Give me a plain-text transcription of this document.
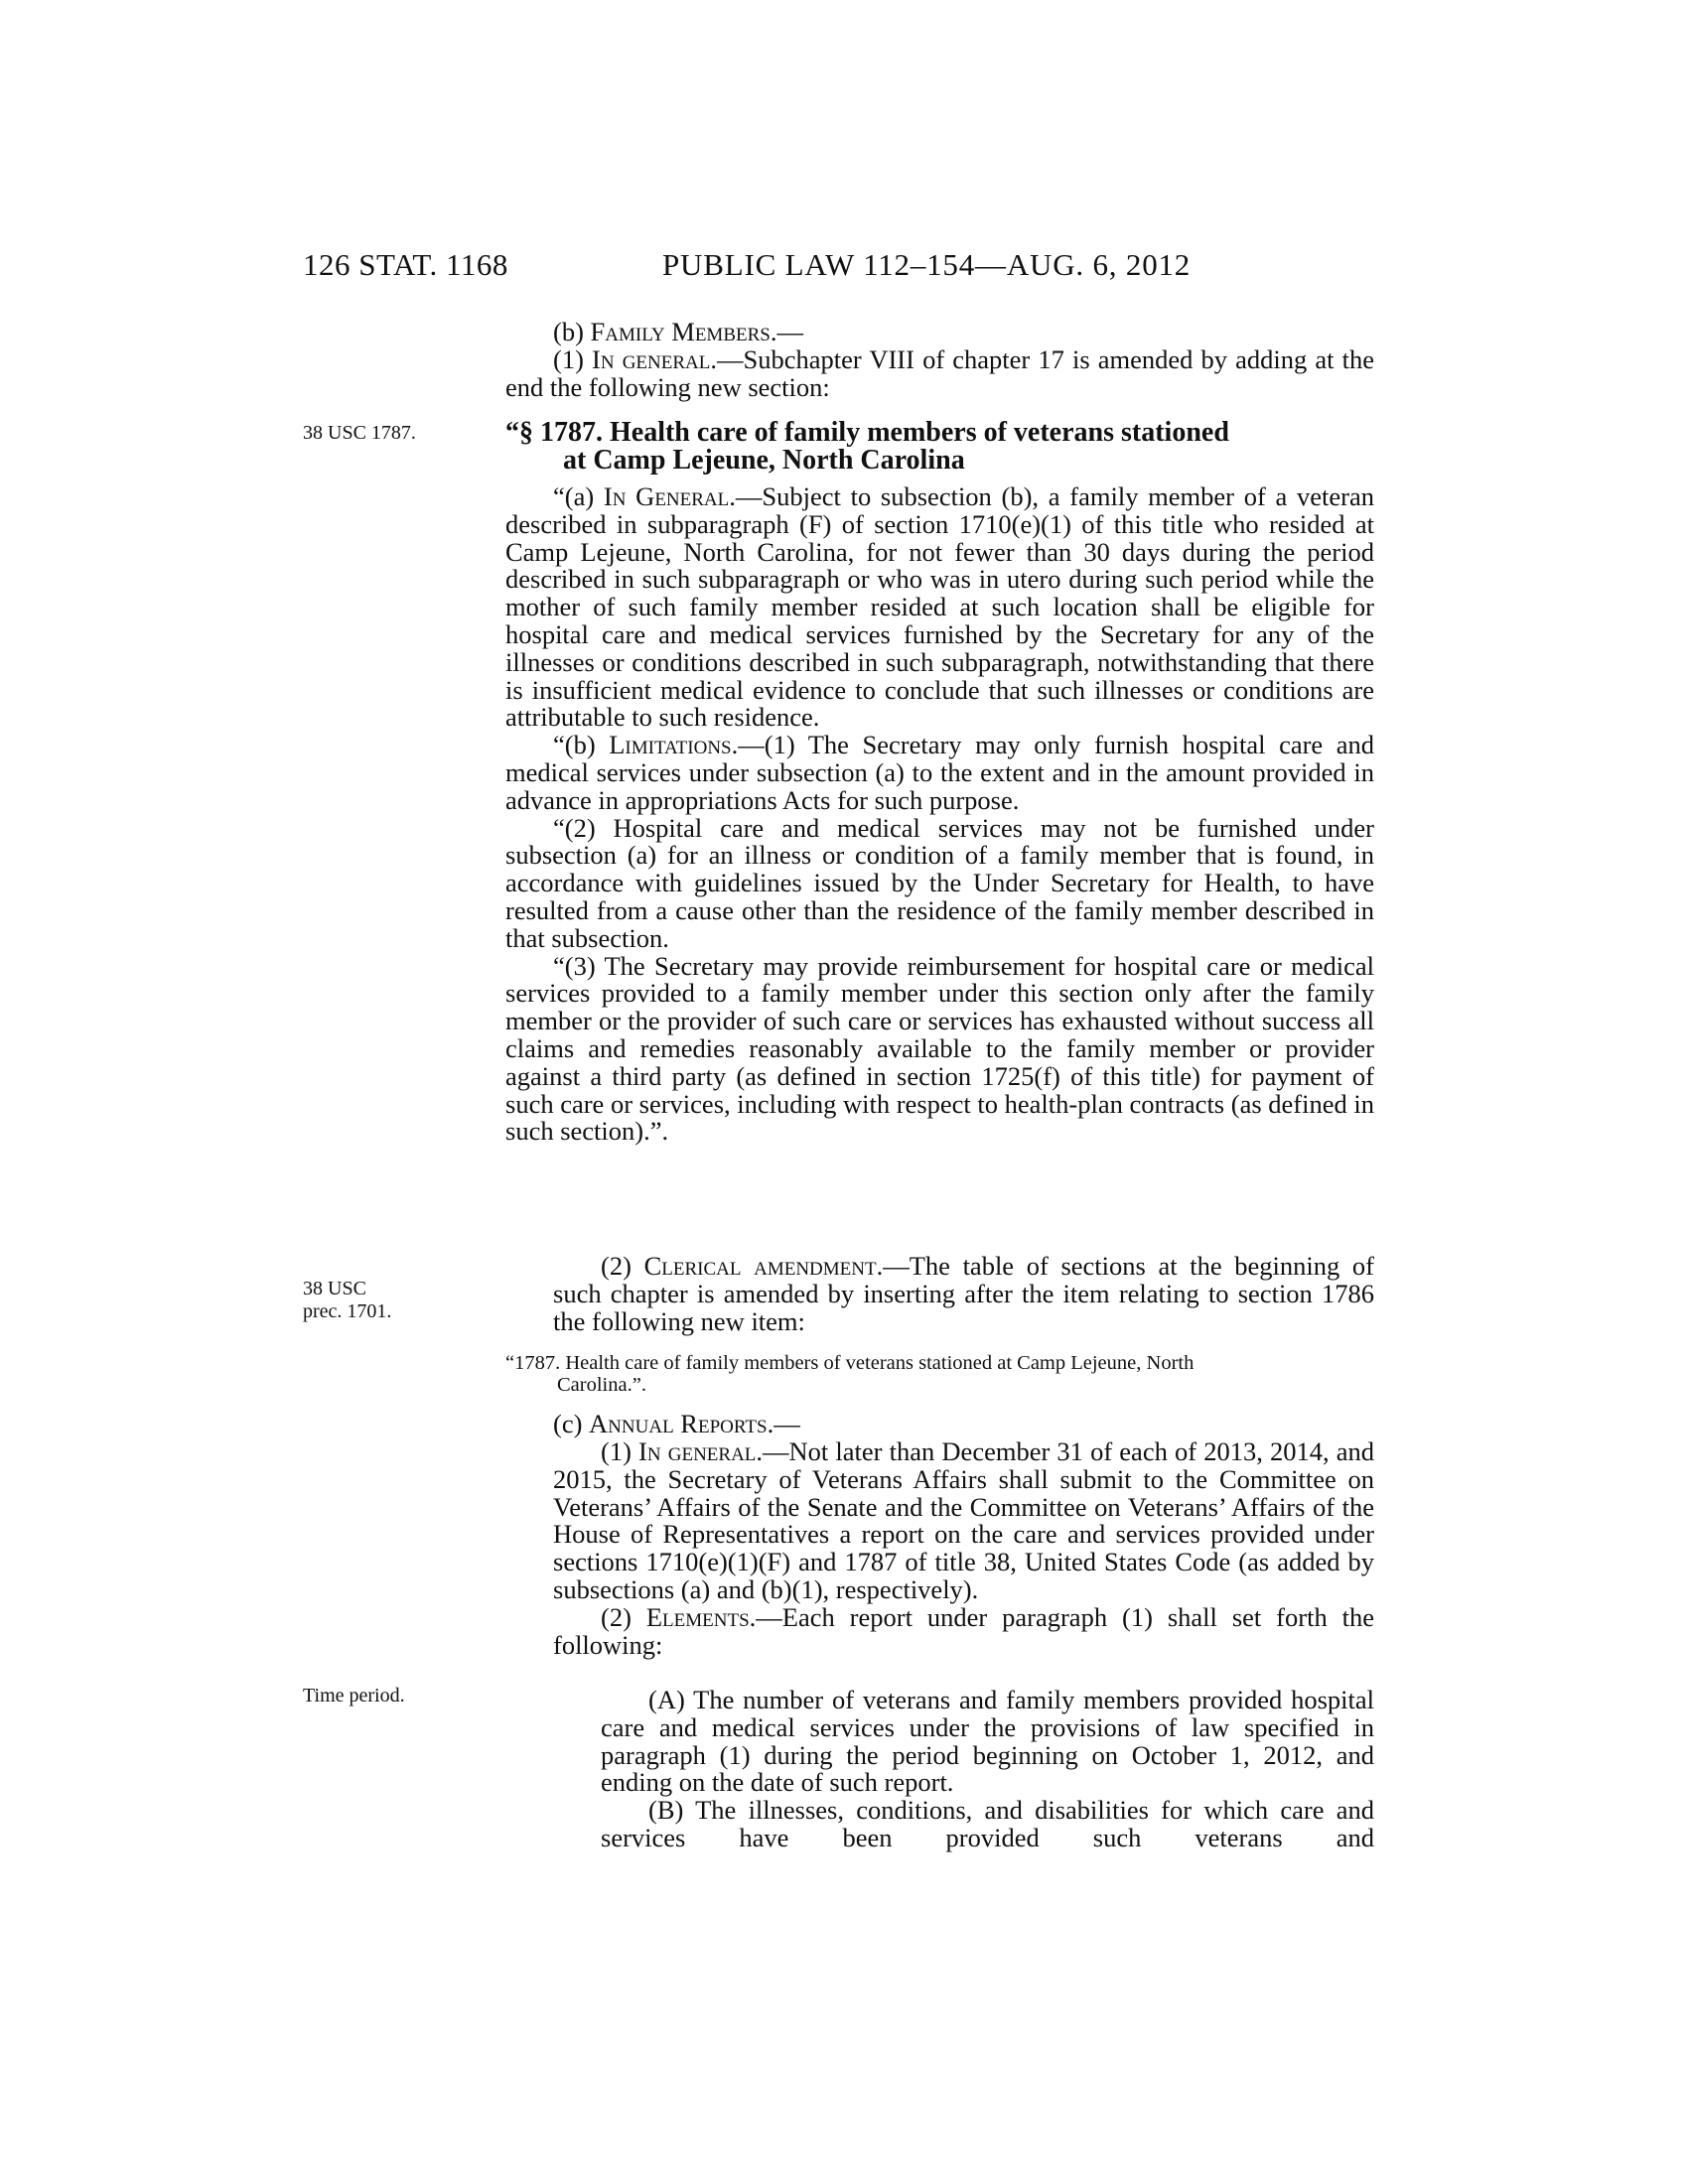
126 STAT. 1168	PUBLIC LAW 112–154—AUG. 6, 2012
38 USC 1787.
38 USC
prec. 1701.
Time period.

(b) Family Members.—

(1) In general.—Subchapter VIII of chapter 17 is amended by adding at the end the following new section:

“§ 1787. Health care of family members of veterans stationed
at Camp Lejeune, North Carolina

“(a) In General.—Subject to subsection (b), a family member of a veteran described in subparagraph (F) of section 1710(e)(1) of this title who resided at Camp Lejeune, North Carolina, for not fewer than 30 days during the period described in such subparagraph or who was in utero during such period while the mother of such family member resided at such location shall be eligible for hospital care and medical services furnished by the Secretary for any of the illnesses or conditions described in such subparagraph, notwithstanding that there is insufficient medical evidence to conclude that such illnesses or conditions are attributable to such residence.

“(b) Limitations.—(1) The Secretary may only furnish hospital care and medical services under subsection (a) to the extent and in the amount provided in advance in appropriations Acts for such purpose.

“(2) Hospital care and medical services may not be furnished under subsection (a) for an illness or condition of a family member that is found, in accordance with guidelines issued by the Under Secretary for Health, to have resulted from a cause other than the residence of the family member described in that subsection.

“(3) The Secretary may provide reimbursement for hospital care or medical services provided to a family member under this section only after the family member or the provider of such care or services has exhausted without success all claims and remedies reasonably available to the family member or provider against a third party (as defined in section 1725(f) of this title) for payment of such care or services, including with respect to health-plan contracts (as defined in such section).”.

(2) Clerical amendment.—The table of sections at the beginning of such chapter is amended by inserting after the item relating to section 1786 the following new item:

“1787. Health care of family members of veterans stationed at Camp Lejeune, North
Carolina.”.

(c) Annual Reports.—

(1) In general.—Not later than December 31 of each of 2013, 2014, and 2015, the Secretary of Veterans Affairs shall submit to the Committee on Veterans’ Affairs of the Senate and the Committee on Veterans’ Affairs of the House of Representatives a report on the care and services provided under sections 1710(e)(1)(F) and 1787 of title 38, United States Code (as added by subsections (a) and (b)(1), respectively).

(2) Elements.—Each report under paragraph (1) shall set forth the following:

(A) The number of veterans and family members provided hospital care and medical services under the provisions of law specified in paragraph (1) during the period beginning on October 1, 2012, and ending on the date of such report.

(B) The illnesses, conditions, and disabilities for which care and services have been provided such veterans and
